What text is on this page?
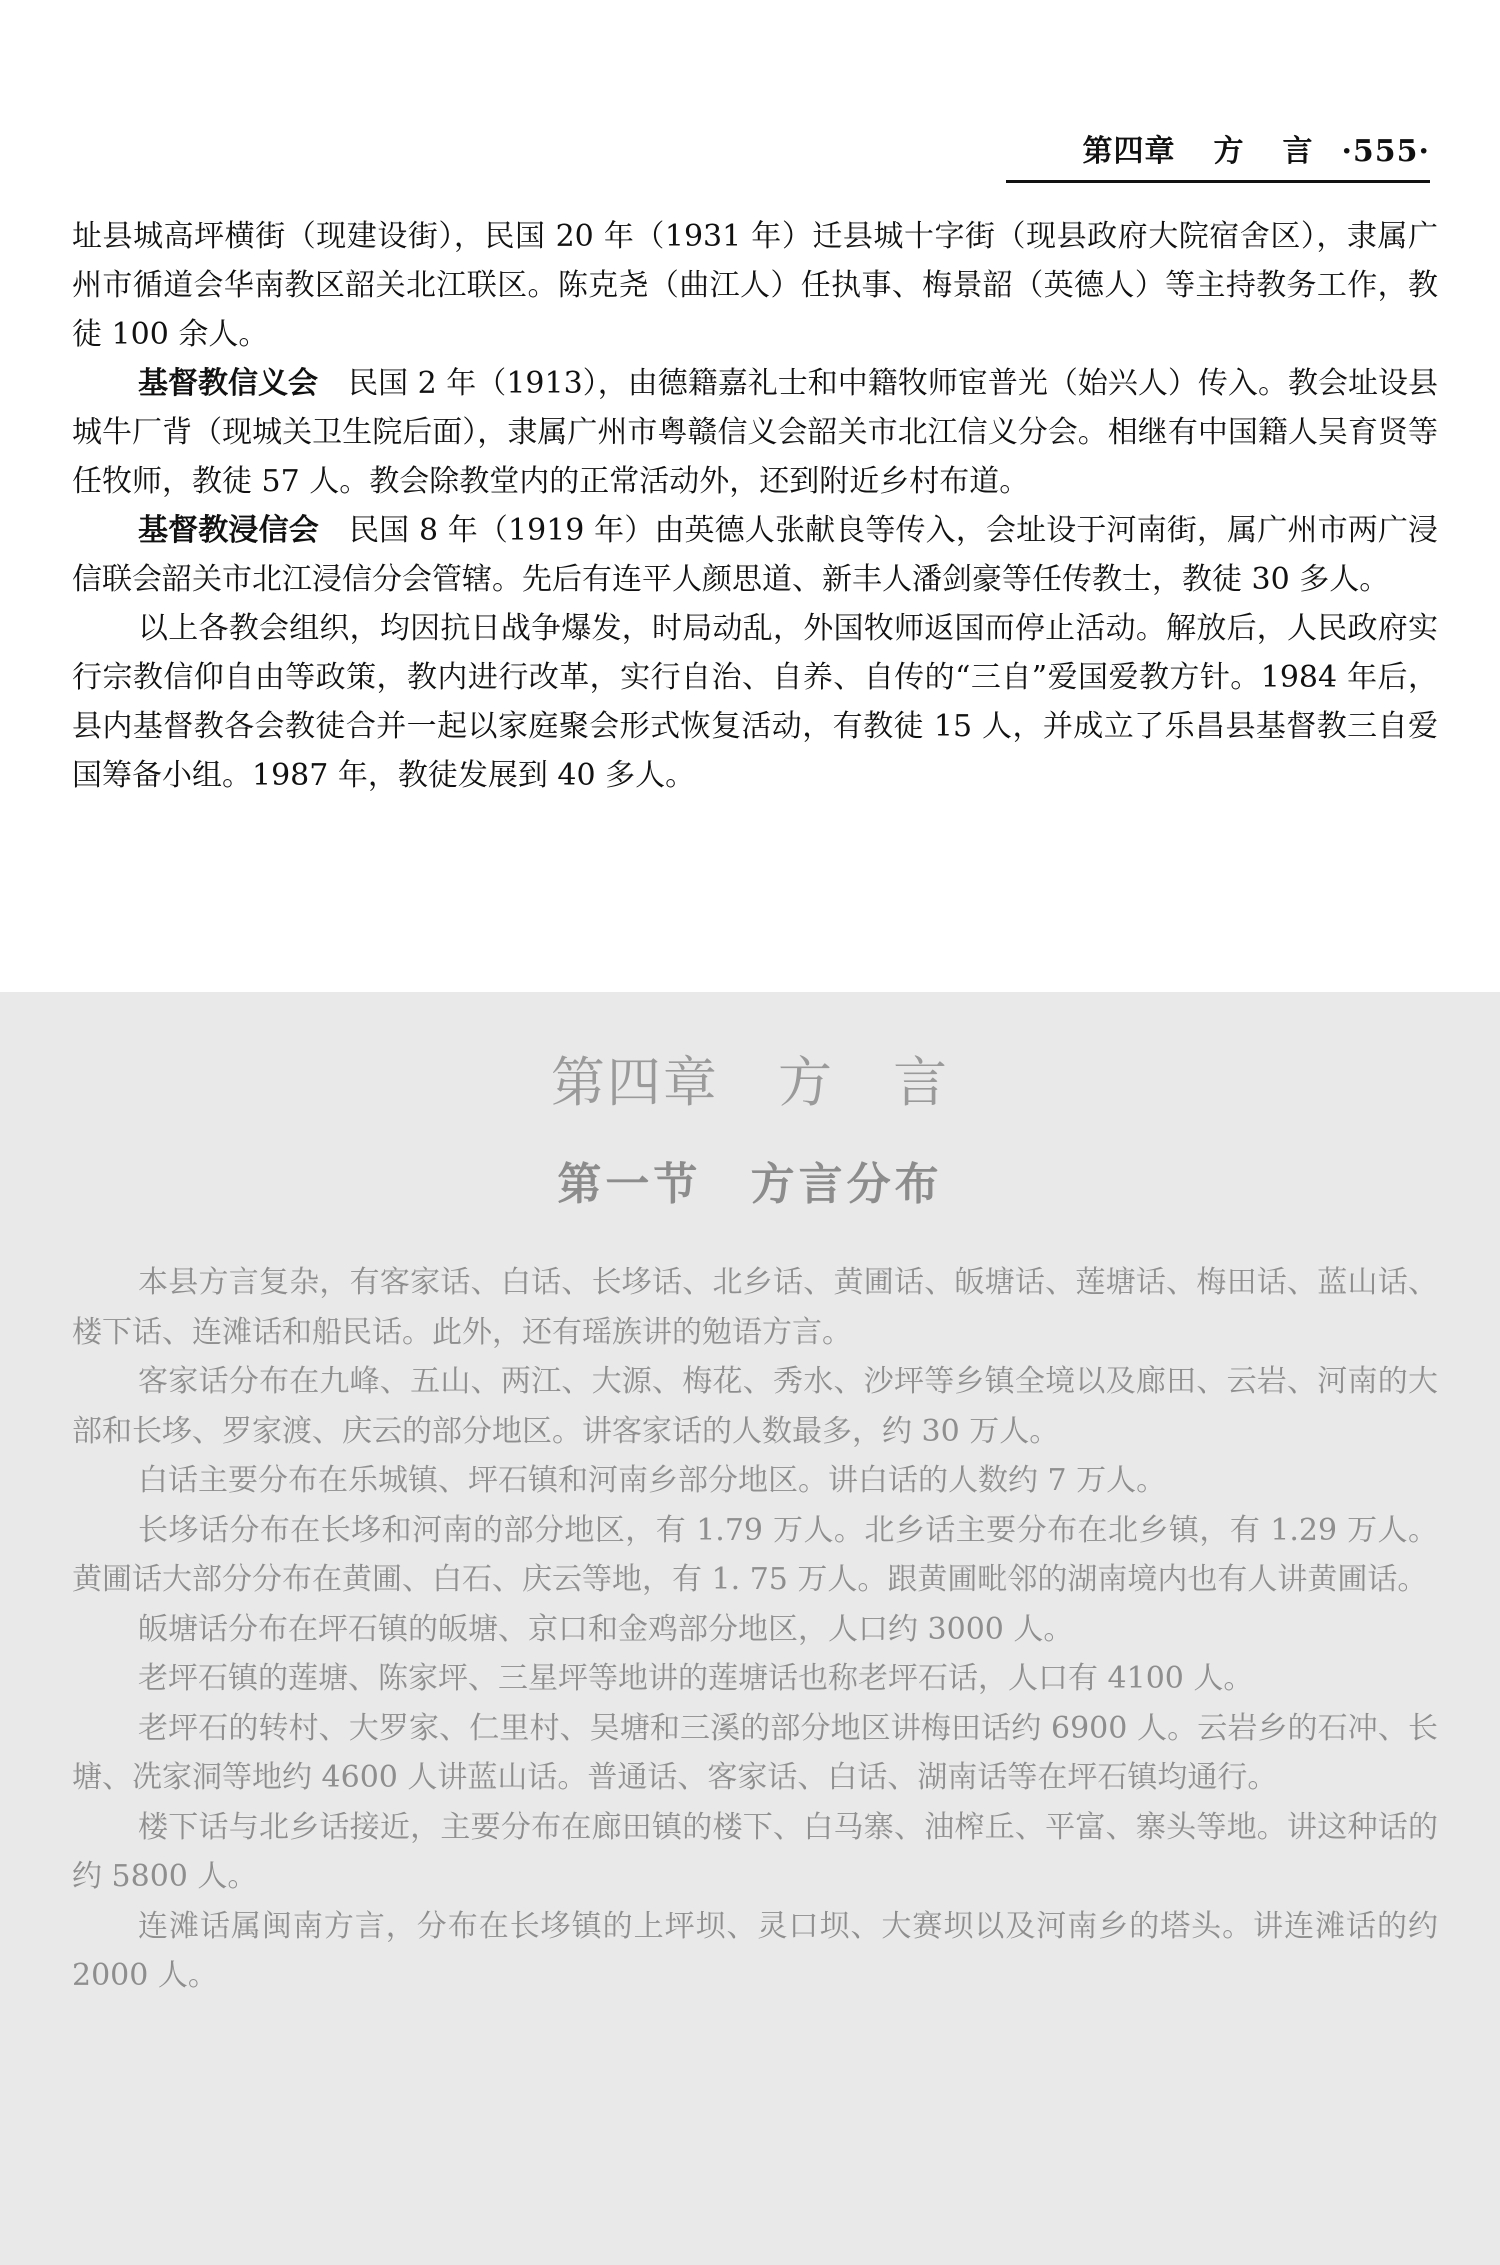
第四章 方 言 ·555·

址县城高坪横街（现建设街），民国 20 年（1931 年）迁县城十字街（现县政府大院宿舍区），隶属广州市循道会华南教区韶关北江联区。陈克尧（曲江人）任执事、梅景韶（英德人）等主持教务工作，教徒 100 余人。

基督教信义会 民国 2 年（1913），由德籍嘉礼士和中籍牧师宦普光（始兴人）传入。教会址设县城牛厂背（现城关卫生院后面），隶属广州市粤赣信义会韶关市北江信义分会。相继有中国籍人吴育贤等任牧师，教徒 57 人。教会除教堂内的正常活动外，还到附近乡村布道。

基督教浸信会 民国 8 年（1919 年）由英德人张献良等传入，会址设于河南街，属广州市两广浸信联会韶关市北江浸信分会管辖。先后有连平人颜思道、新丰人潘剑豪等任传教士，教徒 30 多人。

以上各教会组织，均因抗日战争爆发，时局动乱，外国牧师返国而停止活动。解放后，人民政府实行宗教信仰自由等政策，教内进行改革，实行自治、自养、自传的“三自”爱国爱教方针。1984 年后，县内基督教各会教徒合并一起以家庭聚会形式恢复活动，有教徒 15 人，并成立了乐昌县基督教三自爱国筹备小组。1987 年，教徒发展到 40 多人。

第四章 方 言
第一节 方言分布

本县方言复杂，有客家话、白话、长垑话、北乡话、黄圃话、皈塘话、莲塘话、梅田话、蓝山话、楼下话、连滩话和船民话。此外，还有瑶族讲的勉语方言。

客家话分布在九峰、五山、两江、大源、梅花、秀水、沙坪等乡镇全境以及廊田、云岩、河南的大部和长垑、罗家渡、庆云的部分地区。讲客家话的人数最多，约 30 万人。

白话主要分布在乐城镇、坪石镇和河南乡部分地区。讲白话的人数约 7 万人。

长垑话分布在长垑和河南的部分地区，有 1.79 万人。北乡话主要分布在北乡镇，有 1.29 万人。黄圃话大部分分布在黄圃、白石、庆云等地，有 1. 75 万人。跟黄圃毗邻的湖南境内也有人讲黄圃话。

皈塘话分布在坪石镇的皈塘、京口和金鸡部分地区，人口约 3000 人。

老坪石镇的莲塘、陈家坪、三星坪等地讲的莲塘话也称老坪石话，人口有 4100 人。

老坪石的转村、大罗家、仁里村、吴塘和三溪的部分地区讲梅田话约 6900 人。云岩乡的石冲、长塘、冼家洞等地约 4600 人讲蓝山话。普通话、客家话、白话、湖南话等在坪石镇均通行。

楼下话与北乡话接近，主要分布在廊田镇的楼下、白马寨、油榨丘、平富、寨头等地。讲这种话的约 5800 人。

连滩话属闽南方言，分布在长垑镇的上坪坝、灵口坝、大赛坝以及河南乡的塔头。讲连滩话的约 2000 人。
